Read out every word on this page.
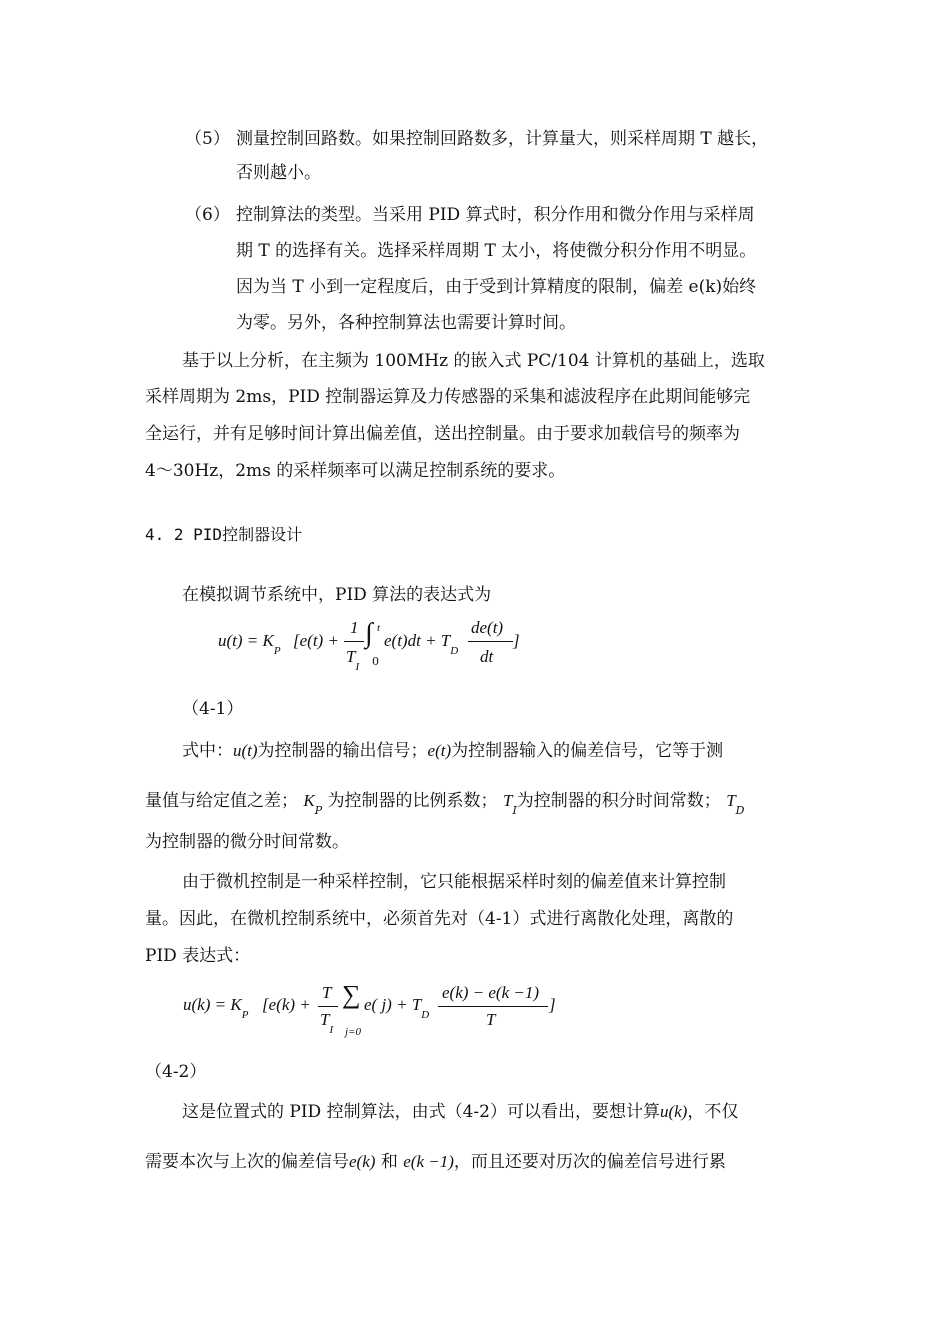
（5） 测量控制回路数。如果控制回路数多，计算量大，则采样周期 T 越长，
否则越小。
（6） 控制算法的类型。当采用 PID 算式时，积分作用和微分作用与采样周
期 T 的选择有关。选择采样周期 T 太小，将使微分积分作用不明显。
因为当 T 小到一定程度后，由于受到计算精度的限制，偏差 e(k)始终
为零。另外，各种控制算法也需要计算时间。
基于以上分析，在主频为 100MHz 的嵌入式 PC/104 计算机的基础上，选取
采样周期为 2ms，PID 控制器运算及力传感器的采集和滤波程序在此期间能够完
全运行，并有足够时间计算出偏差值，送出控制量。由于要求加载信号的频率为
4～30Hz，2ms 的采样频率可以满足控制系统的要求。
4. 2 PID控制器设计
在模拟调节系统中，PID 算法的表达式为
$u(t) = K_P$
[e(t) +
1
$T_I$
∫ t
0
$e(t)dt + T_D$
de(t)
dt
]
（4-1）
式中：u(t)为控制器的输出信号；e(t)为控制器输入的偏差信号，它等于测
量值与给定值之差； $K_P$ 为控制器的比例系数； $T_I$为控制器的积分时间常数； $T_D$
为控制器的微分时间常数。
由于微机控制是一种采样控制，它只能根据采样时刻的偏差值来计算控制
量。因此，在微机控制系统中，必须首先对（4-1）式进行离散化处理，离散的
PID 表达式：
$u(k) = K_P$
[e(k) +
T
$T_I$
∑
j=0
e( $j) + T_D$
e(k) − e(k −1)
T
]
（4-2）
这是位置式的 PID 控制算法，由式（4-2）可以看出，要想计算u(k)，不仅
需要本次与上次的偏差信号e(k) 和 e(k −1)，而且还要对历次的偏差信号进行累
